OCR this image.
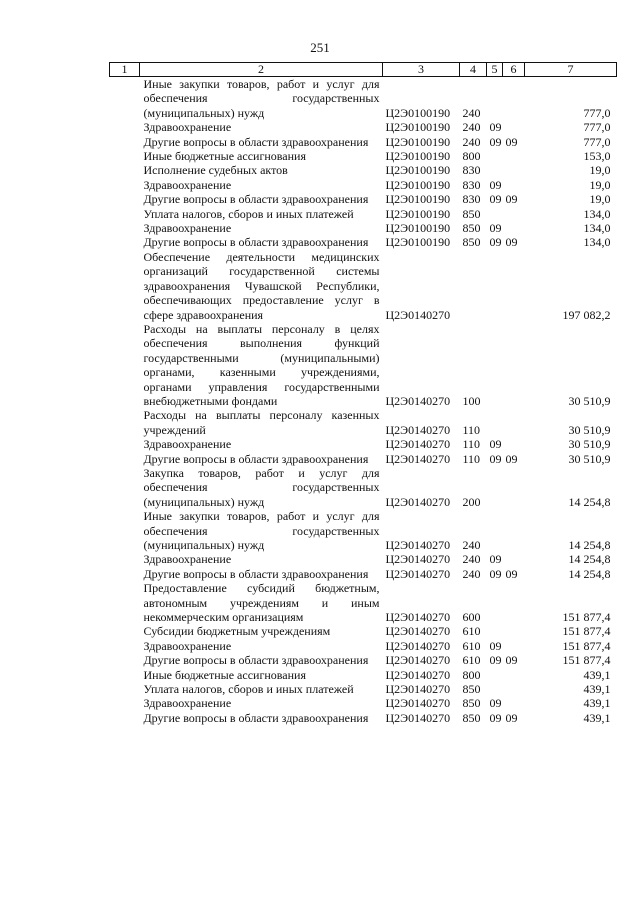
251
1	2	3	4	5	6	7
	Иные закупки товаров, работ и услуг для обеспечения государственных (муниципальных) нужд	Ц2Э0100190	240			777,0
	Здравоохранение	Ц2Э0100190	240	09		777,0
	Другие вопросы в области здравоохранения	Ц2Э0100190	240	09	09	777,0
	Иные бюджетные ассигнования	Ц2Э0100190	800			153,0
	Исполнение судебных актов	Ц2Э0100190	830			19,0
	Здравоохранение	Ц2Э0100190	830	09		19,0
	Другие вопросы в области здравоохранения	Ц2Э0100190	830	09	09	19,0
	Уплата налогов, сборов и иных платежей	Ц2Э0100190	850			134,0
	Здравоохранение	Ц2Э0100190	850	09		134,0
	Другие вопросы в области здравоохранения	Ц2Э0100190	850	09	09	134,0
	Обеспечение деятельности медицинских организаций государственной системы здравоохранения Чувашской Республики, обеспечивающих предоставление услуг в сфере здравоохранения	Ц2Э0140270				197 082,2
	Расходы на выплаты персоналу в целях обеспечения выполнения функций государственными (муниципальными) органами, казенными учреждениями, органами управления государственными внебюджетными фондами	Ц2Э0140270	100			30 510,9
	Расходы на выплаты персоналу казенных учреждений	Ц2Э0140270	110			30 510,9
	Здравоохранение	Ц2Э0140270	110	09		30 510,9
	Другие вопросы в области здравоохранения	Ц2Э0140270	110	09	09	30 510,9
	Закупка товаров, работ и услуг для обеспечения государственных (муниципальных) нужд	Ц2Э0140270	200			14 254,8
	Иные закупки товаров, работ и услуг для обеспечения государственных (муниципальных) нужд	Ц2Э0140270	240			14 254,8
	Здравоохранение	Ц2Э0140270	240	09		14 254,8
	Другие вопросы в области здравоохранения	Ц2Э0140270	240	09	09	14 254,8
	Предоставление субсидий бюджетным, автономным учреждениям и иным некоммерческим организациям	Ц2Э0140270	600			151 877,4
	Субсидии бюджетным учреждениям	Ц2Э0140270	610			151 877,4
	Здравоохранение	Ц2Э0140270	610	09		151 877,4
	Другие вопросы в области здравоохранения	Ц2Э0140270	610	09	09	151 877,4
	Иные бюджетные ассигнования	Ц2Э0140270	800			439,1
	Уплата налогов, сборов и иных платежей	Ц2Э0140270	850			439,1
	Здравоохранение	Ц2Э0140270	850	09		439,1
	Другие вопросы в области здравоохранения	Ц2Э0140270	850	09	09	439,1
